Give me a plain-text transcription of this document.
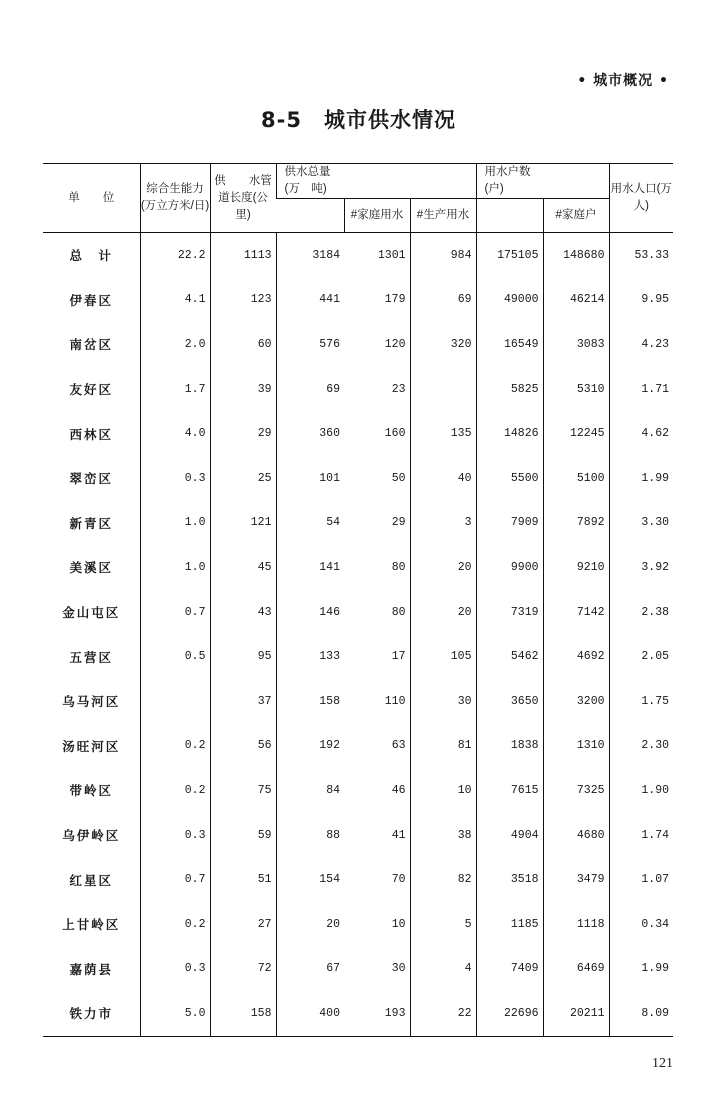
• 城市概况 •
8-5 城市供水情况
单　　位	综合生能力(万立方米/日)	供　　水管道长度(公　里)	供水总量(万　吨)			用水户数(户)		用水人口(万人)
				#家庭用水	#生产用水		#家庭户	
总　计	22.2	1113	3184	1301	984	175105	148680	53.33
伊春区	4.1	123	441	179	69	49000	46214	9.95
南岔区	2.0	60	576	120	320	16549	3083	4.23
友好区	1.7	39	69	23		5825	5310	1.71
西林区	4.0	29	360	160	135	14826	12245	4.62
翠峦区	0.3	25	101	50	40	5500	5100	1.99
新青区	1.0	121	54	29	3	7909	7892	3.30
美溪区	1.0	45	141	80	20	9900	9210	3.92
金山屯区	0.7	43	146	80	20	7319	7142	2.38
五营区	0.5	95	133	17	105	5462	4692	2.05
乌马河区		37	158	110	30	3650	3200	1.75
汤旺河区	0.2	56	192	63	81	1838	1310	2.30
带岭区	0.2	75	84	46	10	7615	7325	1.90
乌伊岭区	0.3	59	88	41	38	4904	4680	1.74
红星区	0.7	51	154	70	82	3518	3479	1.07
上甘岭区	0.2	27	20	10	5	1185	1118	0.34
嘉荫县	0.3	72	67	30	4	7409	6469	1.99
铁力市	5.0	158	400	193	22	22696	20211	8.09
121
